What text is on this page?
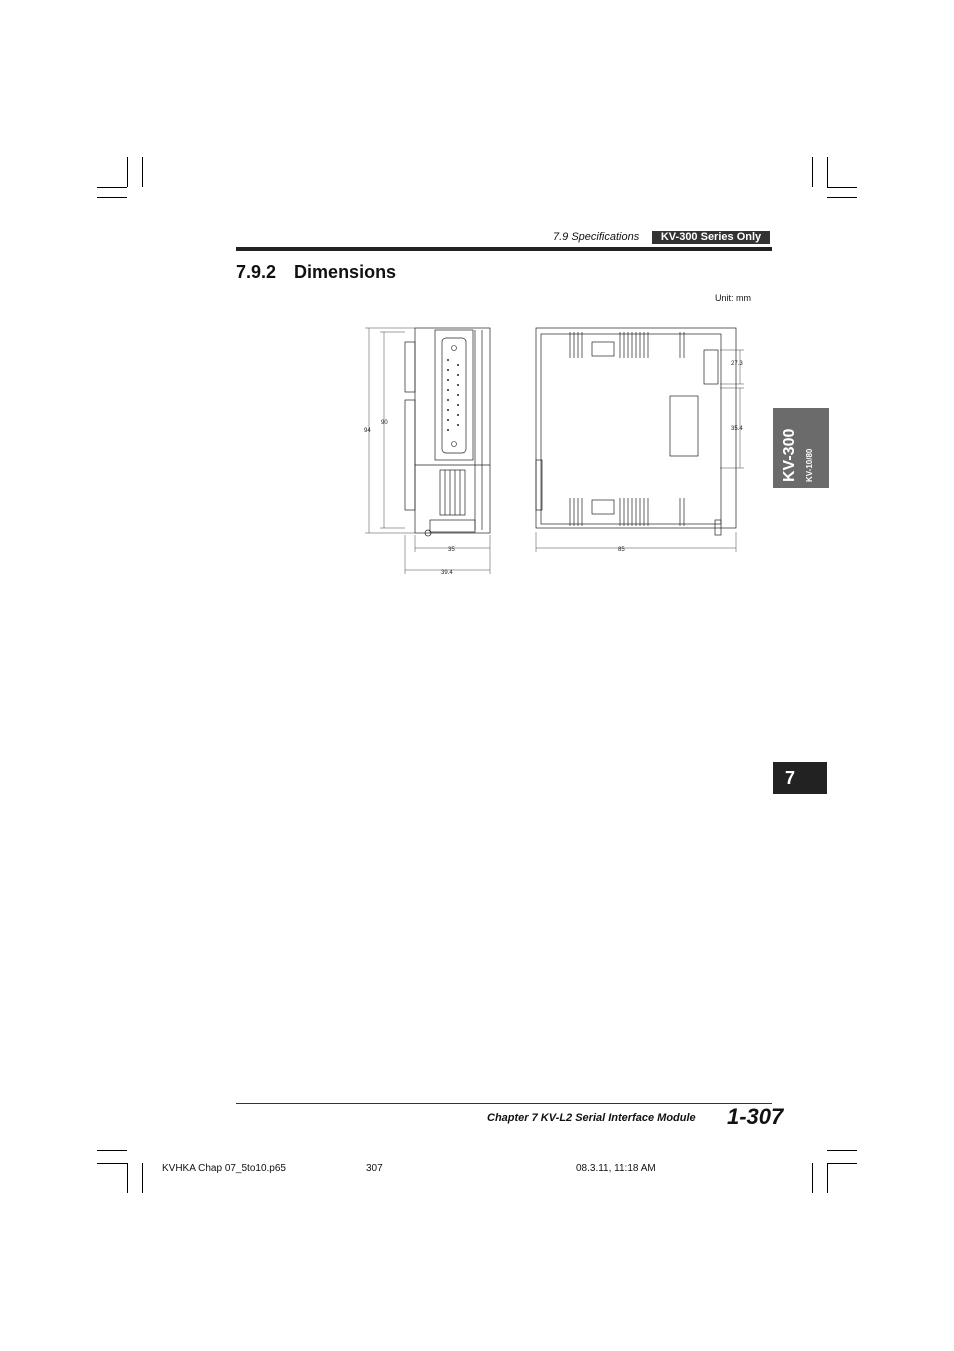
7.9 Specifications	KV-300 Series Only
7.9.2 Dimensions
Unit: mm
94
90
35
39.4
85
27.3
35.4 KV-300 KV-10/80
7
Chapter 7 KV-L2 Serial Interface Module 1-307
KVHKA Chap 07_5to10.p65	307	08.3.11, 11:18 AM
